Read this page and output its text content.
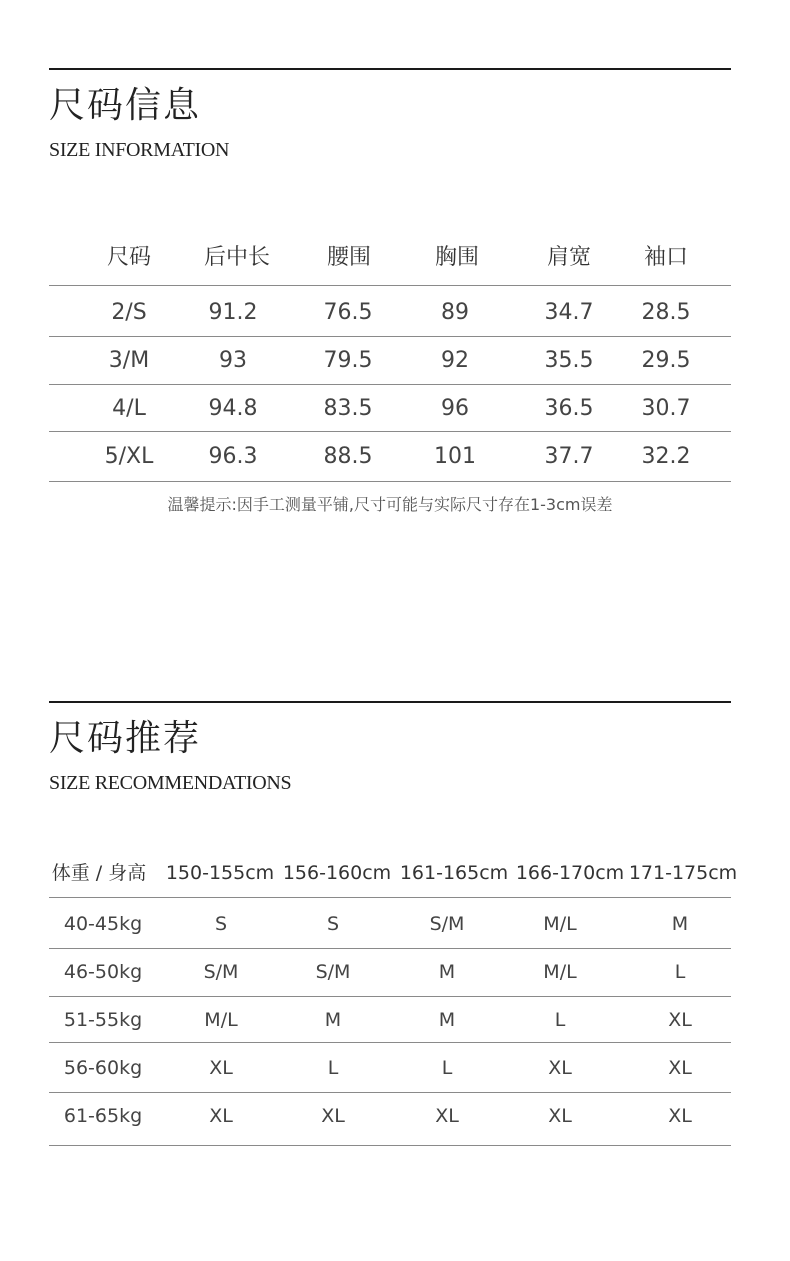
尺码信息
SIZE INFORMATION
尺码 后中长	腰围	胸围	肩宽 袖口
2/S	91.2	76.5	89	34.7 28.5
3/M	93	79.5	92	35.5 29.5
4/L	94.8	83.5	96	36.5 30.7
5/XL	96.3	88.5	101	37.7 32.2
温馨提示:因手工测量平铺,尺寸可能与实际尺寸存在1-3cm误差
尺码推荐
SIZE RECOMMENDATIONS
体重 / 身高 150-155cm 156-160cm 161-165cm 166-170cm 171-175cm
40-45kg	S	S	S/M	M/L	M
46-50kg	S/M	S/M	M	M/L	L
51-55kg	M/L	M	M	L	XL
56-60kg	XL	L	L	XL	XL
61-65kg	XL	XL	XL	XL	XL
